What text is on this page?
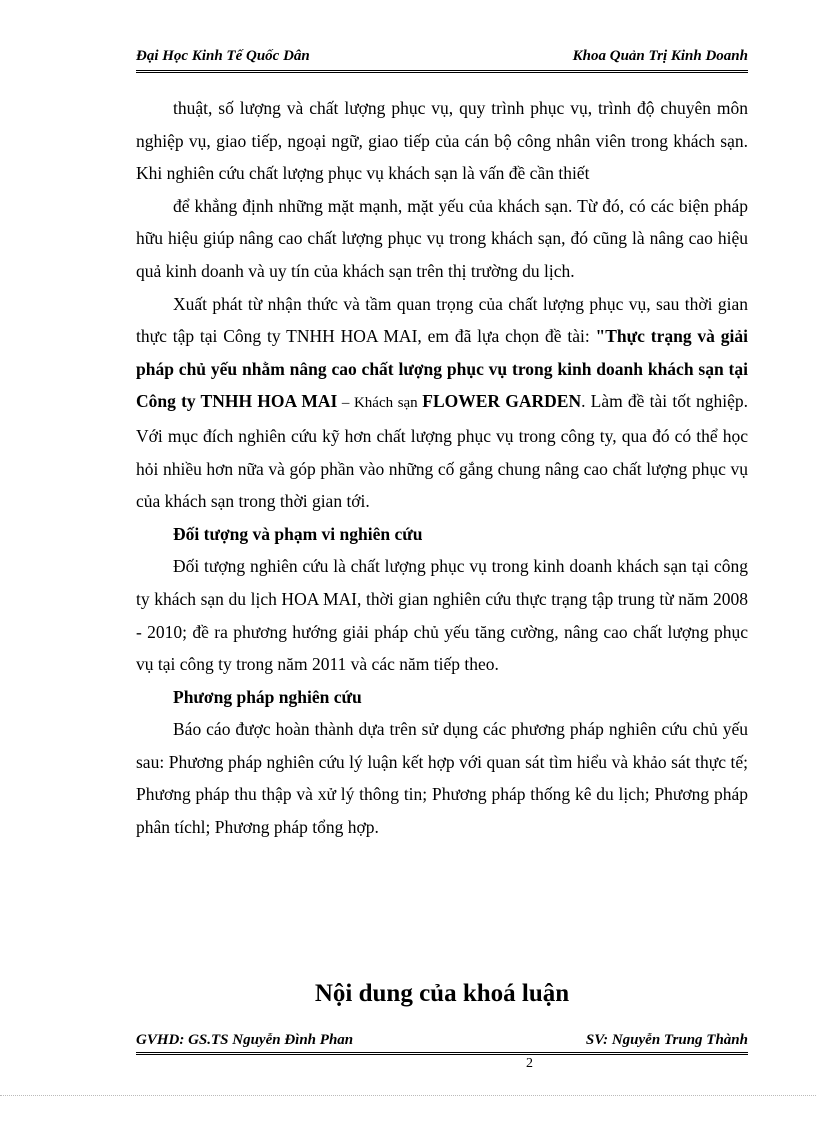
Đại Học Kinh Tế Quốc Dân	Khoa Quản Trị Kinh Doanh

thuật, số lượng và chất lượng phục vụ, quy trình phục vụ, trình độ chuyên môn nghiệp vụ, giao tiếp, ngoại ngữ, giao tiếp của cán bộ công nhân viên trong khách sạn. Khi nghiên cứu chất lượng phục vụ khách sạn là vấn đề cần thiết

để khẳng định những mặt mạnh, mặt yếu của khách sạn. Từ đó, có các biện pháp hữu hiệu giúp nâng cao chất lượng phục vụ trong khách sạn, đó cũng là nâng cao hiệu quả kinh doanh và uy tín của khách sạn trên thị trường du lịch.

Xuất phát từ nhận thức và tầm quan trọng của chất lượng phục vụ, sau thời gian thực tập tại Công ty TNHH HOA MAI, em đã lựa chọn đề tài: "Thực trạng và giải pháp chủ yếu nhằm nâng cao chất lượng phục vụ trong kinh doanh khách sạn tại Công ty TNHH HOA MAI – Khách sạn FLOWER GARDEN. Làm đề tài tốt nghiệp. Với mục đích nghiên cứu kỹ hơn chất lượng phục vụ trong công ty, qua đó có thể học hỏi nhiều hơn nữa và góp phần vào những cố gắng chung nâng cao chất lượng phục vụ của khách sạn trong thời gian tới.

Đối tượng và phạm vi nghiên cứu

Đối tượng nghiên cứu là chất lượng phục vụ trong kinh doanh khách sạn tại công ty khách sạn du lịch HOA MAI, thời gian nghiên cứu thực trạng tập trung từ năm 2008 - 2010; đề ra phương hướng giải pháp chủ yếu tăng cường, nâng cao chất lượng phục vụ tại công ty trong năm 2011 và các năm tiếp theo.

Phương pháp nghiên cứu

Báo cáo được hoàn thành dựa trên sử dụng các phương pháp nghiên cứu chủ yếu sau: Phương pháp nghiên cứu lý luận kết hợp với quan sát tìm hiểu và khảo sát thực tế; Phương pháp thu thập và xử lý thông tin; Phương pháp thống kê du lịch; Phương pháp phân tíchl; Phương pháp tổng hợp.

Nội dung của khoá luận
GVHD: GS.TS Nguyễn Đình Phan	SV: Nguyễn Trung Thành
2
